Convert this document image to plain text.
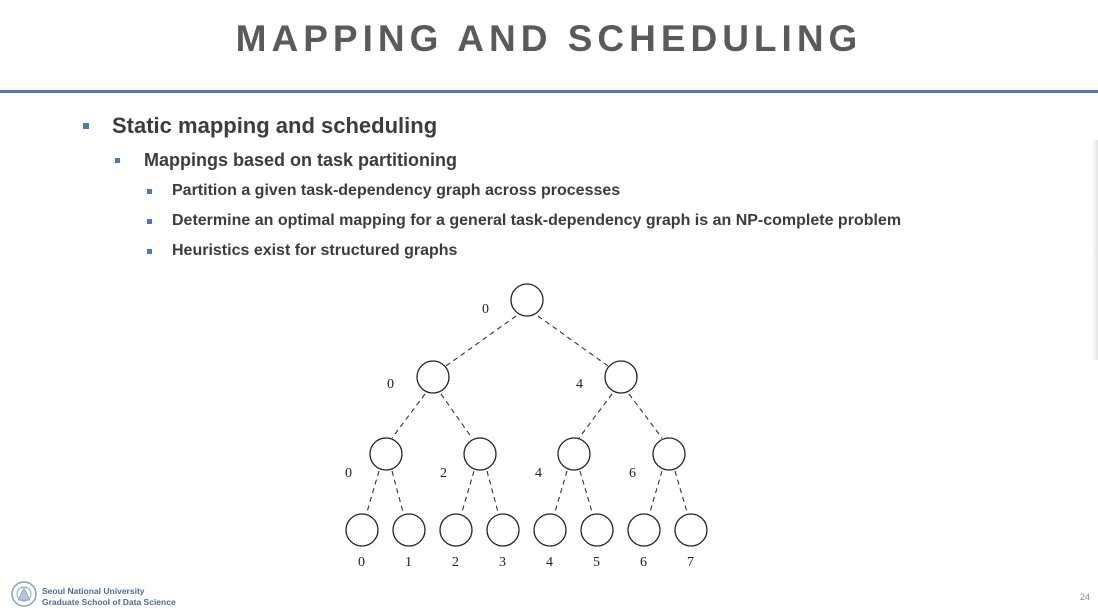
MAPPING AND SCHEDULING
Static mapping and scheduling
Mappings based on task partitioning
Partition a given task-dependency graph across processes
Determine an optimal mapping for a general task-dependency graph is an NP-complete problem
Heuristics exist for structured graphs
0
0	4
0	2	4	6
0	1	2	3	4	5	6	7
Seoul National University
Graduate School of Data Science	24
